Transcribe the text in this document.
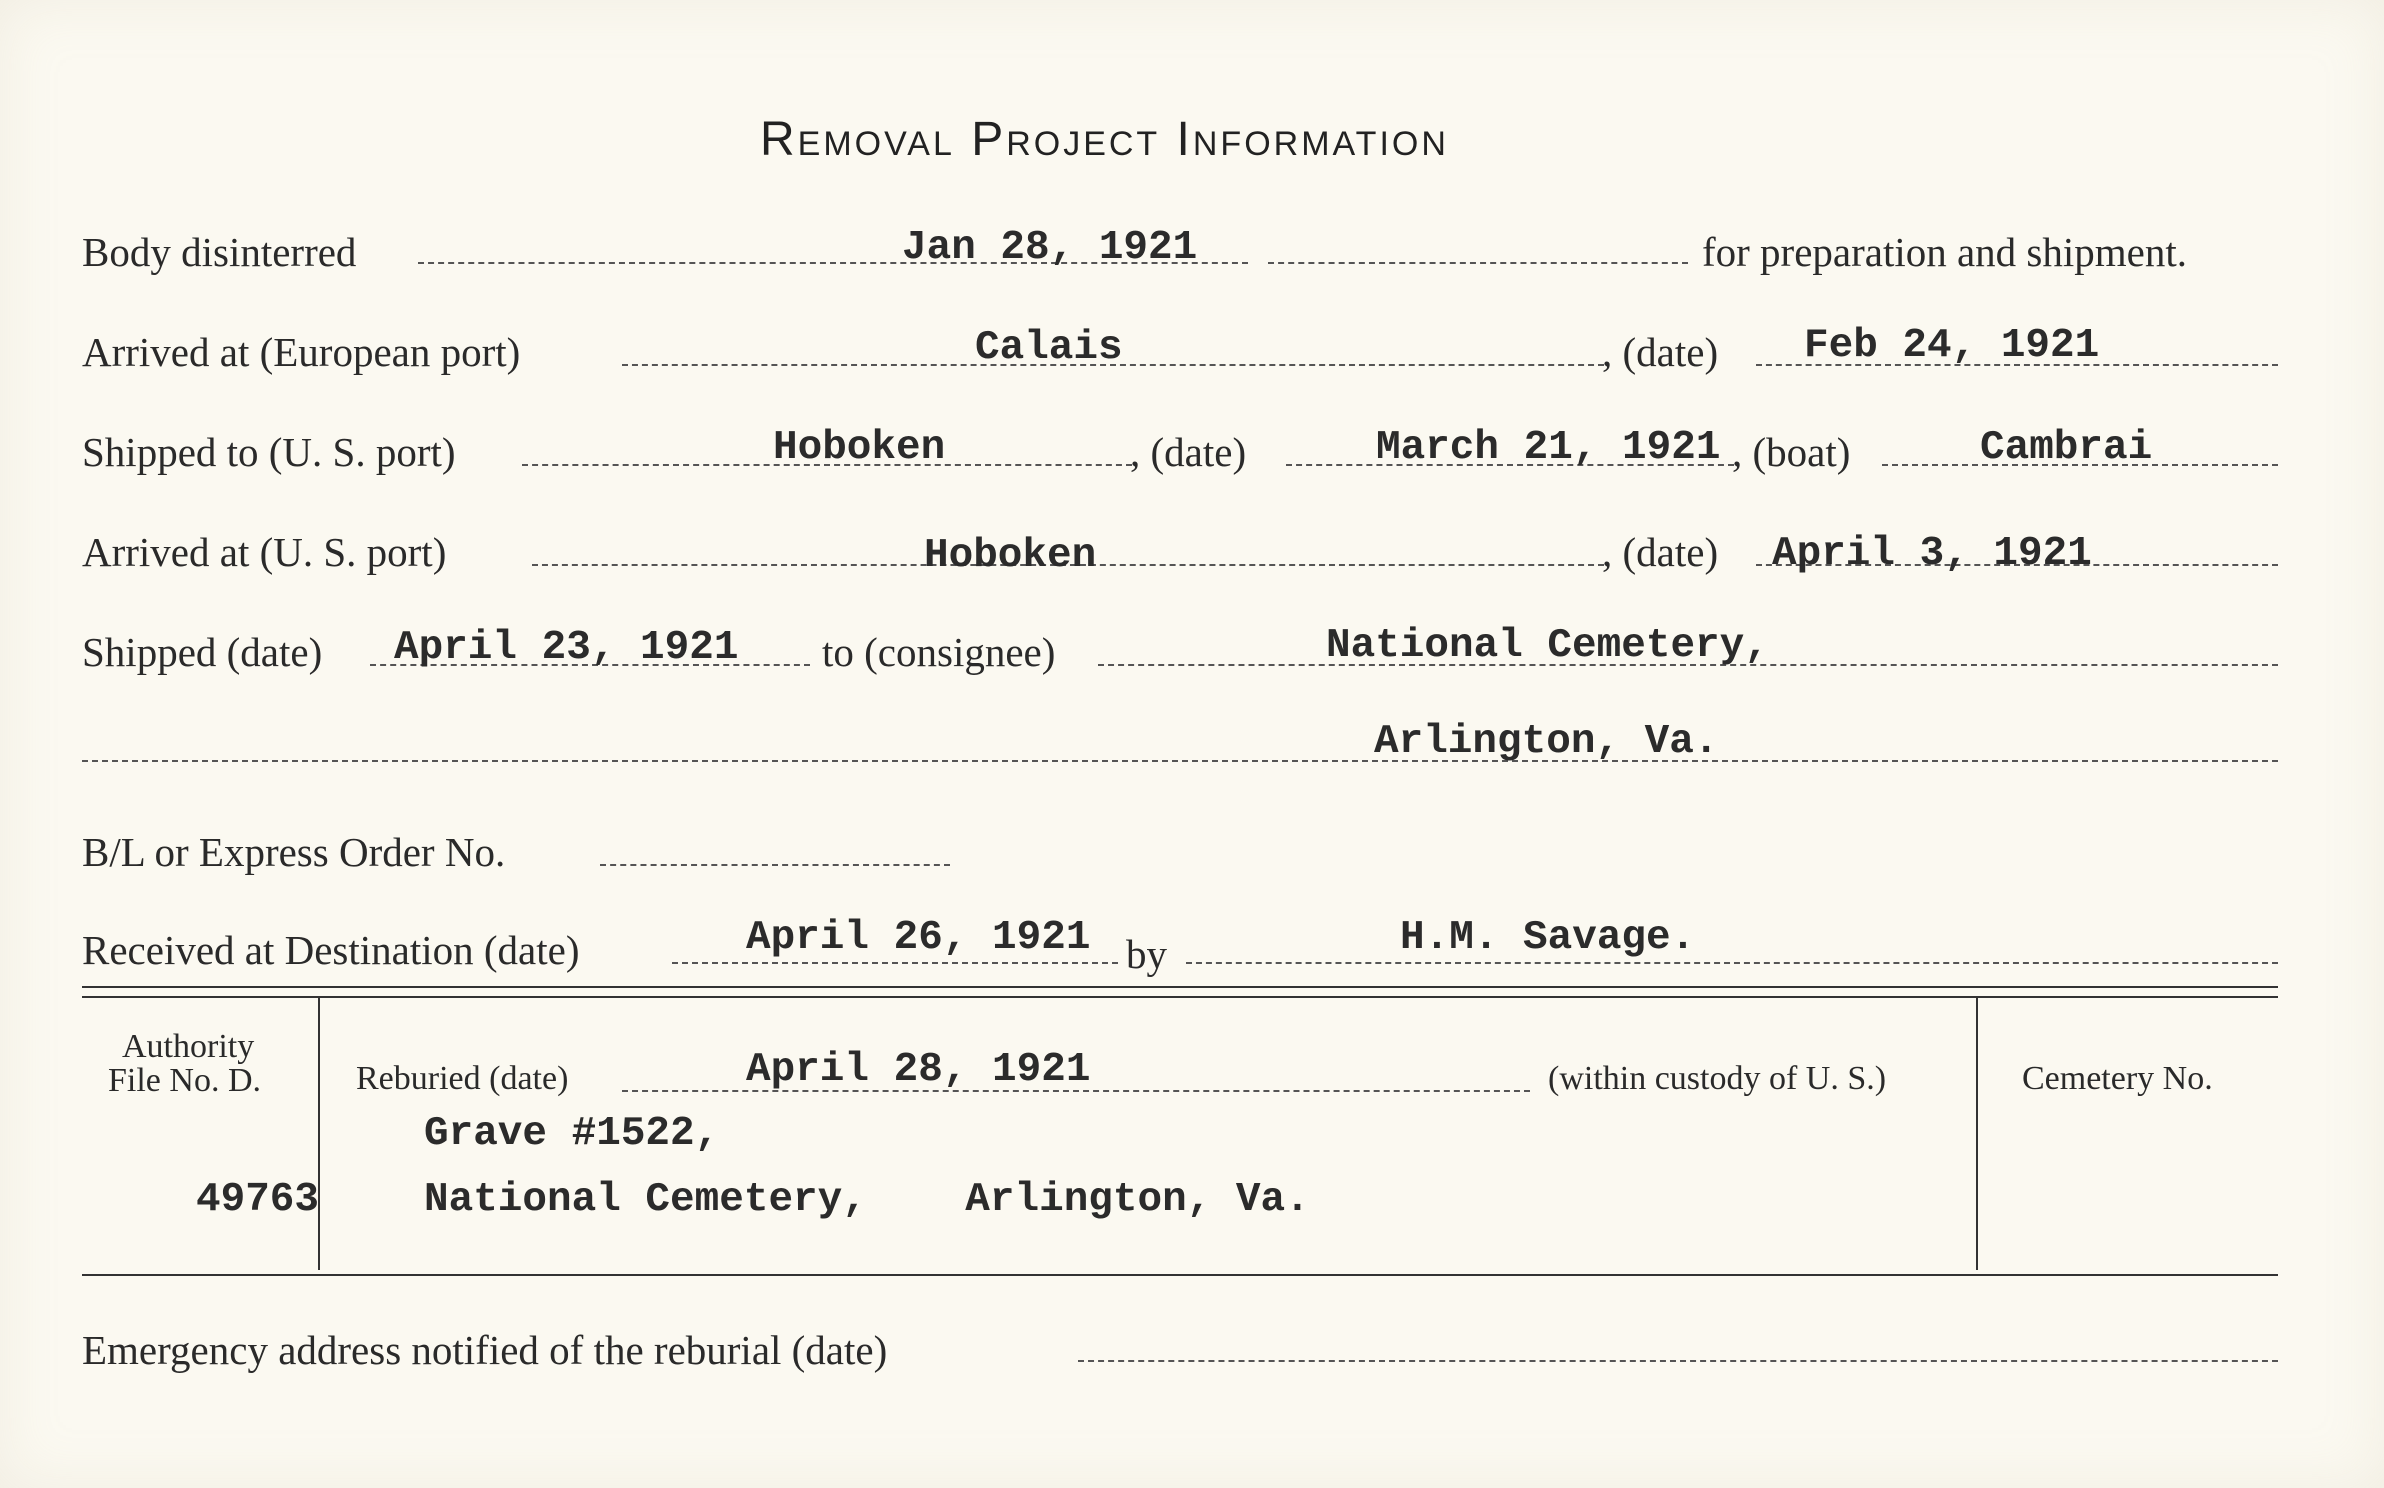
Removal Project Information
Body disinterred	Jan 28, 1921	for preparation and shipment.
Arrived at (European port)	Calais	, (date) Feb 24, 1921
Shipped to (U. S. port)	Hoboken	, (date)	March 21, 1921 , (boat)	Cambrai
Arrived at (U. S. port)	Hoboken	, (date) April 3, 1921
Shipped (date) April 23, 1921 to (consignee)	National Cemetery,
Arlington, Va.
B/L or Express Order No.
Received at Destination (date)	April 26, 1921 by	H.M. Savage.
Authority
File No. D.
49763
Reburied (date)	April 28, 1921	(within custody of U. S.)
Grave #1522,
National Cemetery,    Arlington, Va.
Cemetery No.
Emergency address notified of the reburial (date)
